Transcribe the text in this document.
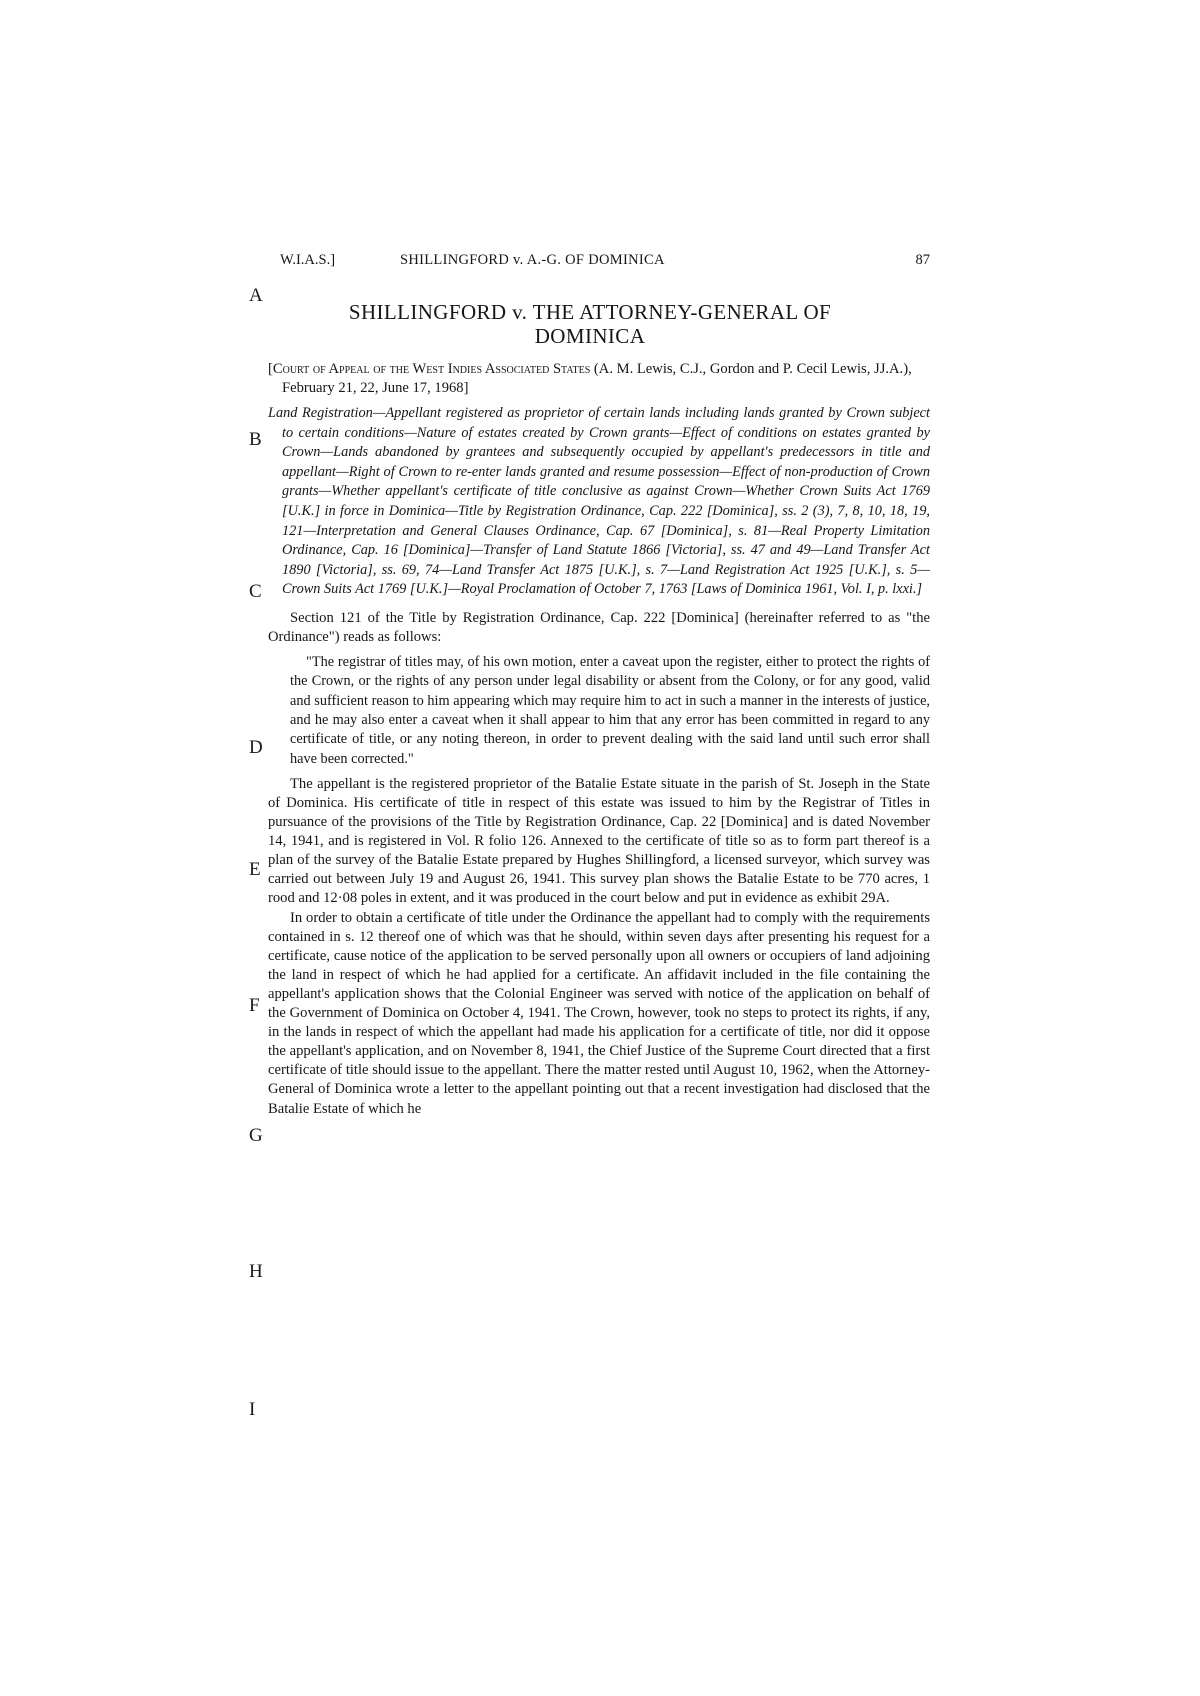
W.I.A.S.]	SHILLINGFORD v. A.-G. OF DOMINICA	87
A
B
C
D
E
F
G
H
I
SHILLINGFORD v. THE ATTORNEY-GENERAL OF DOMINICA

[Court of Appeal of the West Indies Associated States (A. M. Lewis, C.J., Gordon and P. Cecil Lewis, JJ.A.), February 21, 22, June 17, 1968]

Land Registration—Appellant registered as proprietor of certain lands including lands granted by Crown subject to certain conditions—Nature of estates created by Crown grants—Effect of conditions on estates granted by Crown—Lands abandoned by grantees and subsequently occupied by appellant's predecessors in title and appellant—Right of Crown to re-enter lands granted and resume possession—Effect of non-production of Crown grants—Whether appellant's certificate of title conclusive as against Crown—Whether Crown Suits Act 1769 [U.K.] in force in Dominica—Title by Registration Ordinance, Cap. 222 [Dominica], ss. 2 (3), 7, 8, 10, 18, 19, 121—Interpretation and General Clauses Ordinance, Cap. 67 [Dominica], s. 81—Real Property Limitation Ordinance, Cap. 16 [Dominica]—Transfer of Land Statute 1866 [Victoria], ss. 47 and 49—Land Transfer Act 1890 [Victoria], ss. 69, 74—Land Transfer Act 1875 [U.K.], s. 7—Land Registration Act 1925 [U.K.], s. 5—Crown Suits Act 1769 [U.K.]—Royal Proclamation of October 7, 1763 [Laws of Dominica 1961, Vol. I, p. lxxi.]

Section 121 of the Title by Registration Ordinance, Cap. 222 [Dominica] (hereinafter referred to as "the Ordinance") reads as follows:

"The registrar of titles may, of his own motion, enter a caveat upon the register, either to protect the rights of the Crown, or the rights of any person under legal disability or absent from the Colony, or for any good, valid and sufficient reason to him appearing which may require him to act in such a manner in the interests of justice, and he may also enter a caveat when it shall appear to him that any error has been committed in regard to any certificate of title, or any noting thereon, in order to prevent dealing with the said land until such error shall have been corrected."

The appellant is the registered proprietor of the Batalie Estate situate in the parish of St. Joseph in the State of Dominica. His certificate of title in respect of this estate was issued to him by the Registrar of Titles in pursuance of the provisions of the Title by Registration Ordinance, Cap. 22 [Dominica] and is dated November 14, 1941, and is registered in Vol. R folio 126. Annexed to the certificate of title so as to form part thereof is a plan of the survey of the Batalie Estate prepared by Hughes Shillingford, a licensed surveyor, which survey was carried out between July 19 and August 26, 1941. This survey plan shows the Batalie Estate to be 770 acres, 1 rood and 12·08 poles in extent, and it was produced in the court below and put in evidence as exhibit 29A.

In order to obtain a certificate of title under the Ordinance the appellant had to comply with the requirements contained in s. 12 thereof one of which was that he should, within seven days after presenting his request for a certificate, cause notice of the application to be served personally upon all owners or occupiers of land adjoining the land in respect of which he had applied for a certificate. An affidavit included in the file containing the appellant's application shows that the Colonial Engineer was served with notice of the application on behalf of the Government of Dominica on October 4, 1941. The Crown, however, took no steps to protect its rights, if any, in the lands in respect of which the appellant had made his application for a certificate of title, nor did it oppose the appellant's application, and on November 8, 1941, the Chief Justice of the Supreme Court directed that a first certificate of title should issue to the appellant. There the matter rested until August 10, 1962, when the Attorney-General of Dominica wrote a letter to the appellant pointing out that a recent investigation had disclosed that the Batalie Estate of which he
